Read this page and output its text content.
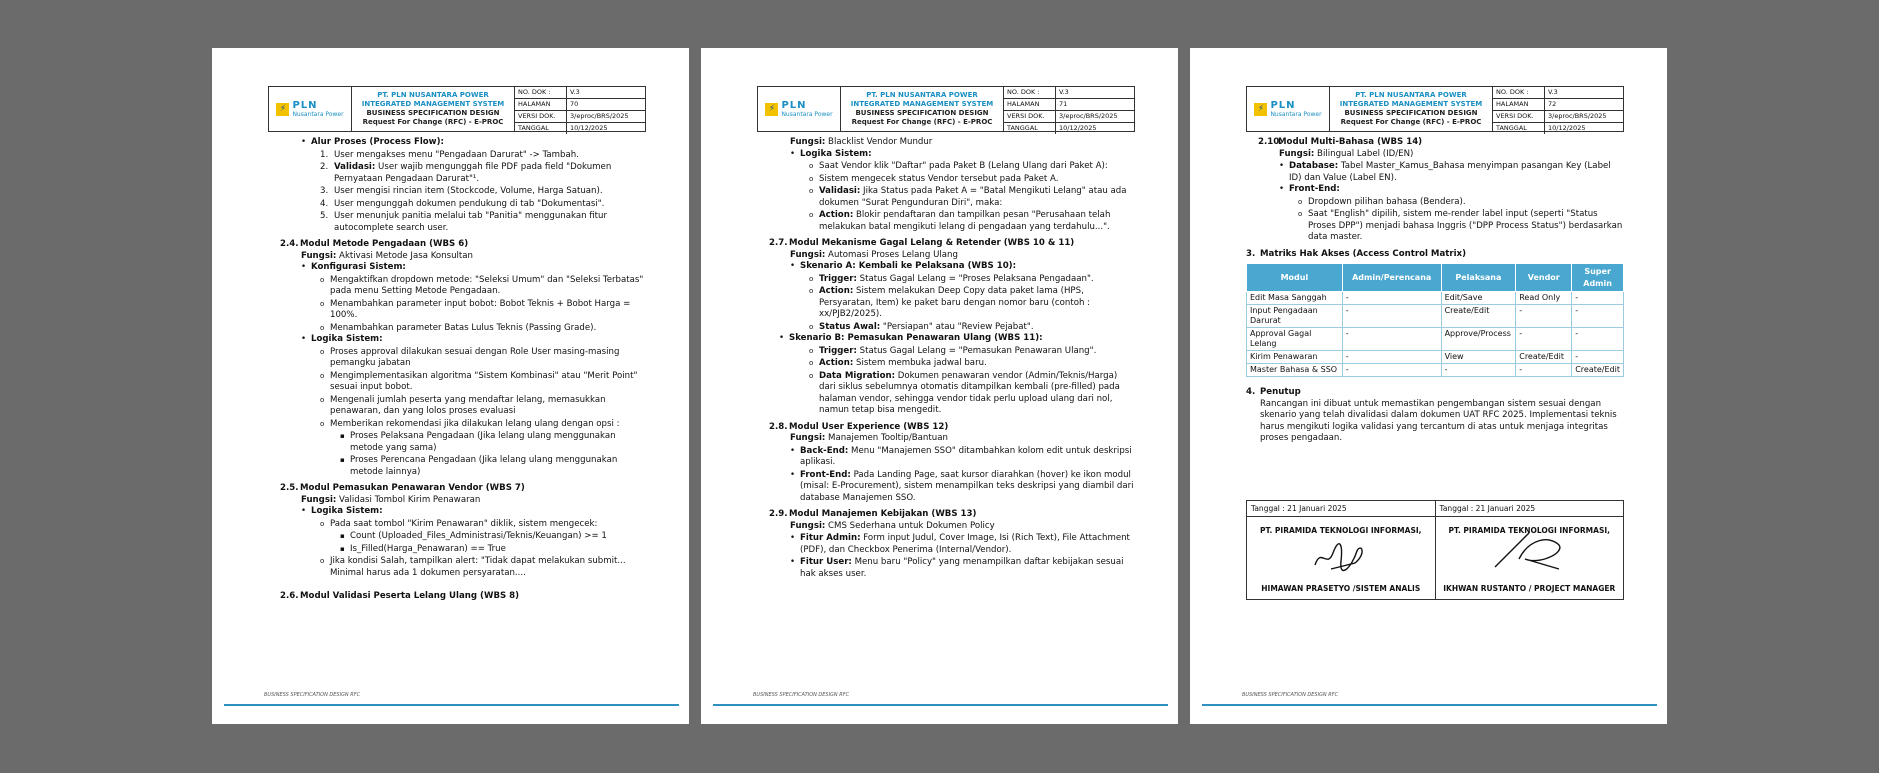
⚡ PLN
Nusantara Power
PT. PLN NUSANTARA POWER
INTEGRATED MANAGEMENT SYSTEM
BUSINESS SPECIFICATION DESIGN
Request For Change (RFC) - E-PROC
NO. DOK :	V.3
HALAMAN	70
VERSI DOK.	3/eproc/BRS/2025
TANGGAL	10/12/2025
• Alur Proses (Process Flow):
1. User mengakses menu "Pengadaan Darurat" -> Tambah.
2. Validasi: User wajib mengunggah file PDF pada field "Dokumen Pernyataan Pengadaan Darurat"¹.
3. User mengisi rincian item (Stockcode, Volume, Harga Satuan).
4. User mengunggah dokumen pendukung di tab "Dokumentasi".
5. User menunjuk panitia melalui tab "Panitia" menggunakan fitur autocomplete search user.
2.4. Modul Metode Pengadaan (WBS 6)
Fungsi: Aktivasi Metode Jasa Konsultan
• Konfigurasi Sistem:
o Mengaktifkan dropdown metode: "Seleksi Umum" dan "Seleksi Terbatas" pada menu Setting Metode Pengadaan.
o Menambahkan parameter input bobot: Bobot Teknis + Bobot Harga = 100%.
o Menambahkan parameter Batas Lulus Teknis (Passing Grade).
• Logika Sistem:
o Proses approval dilakukan sesuai dengan Role User masing-masing pemangku jabatan
o Mengimplementasikan algoritma "Sistem Kombinasi" atau "Merit Point" sesuai input bobot.
o Mengenali jumlah peserta yang mendaftar lelang, memasukkan penawaran, dan yang lolos proses evaluasi
o Memberikan rekomendasi jika dilakukan lelang ulang dengan opsi :
▪ Proses Pelaksana Pengadaan (Jika lelang ulang menggunakan metode yang sama)
▪ Proses Perencana Pengadaan (Jika lelang ulang menggunakan metode lainnya)
2.5. Modul Pemasukan Penawaran Vendor (WBS 7)
Fungsi: Validasi Tombol Kirim Penawaran
• Logika Sistem:
o Pada saat tombol "Kirim Penawaran" diklik, sistem mengecek:
▪ Count (Uploaded_Files_Administrasi/Teknis/Keuangan) >= 1
▪ Is_Filled(Harga_Penawaran) == True
o Jika kondisi Salah, tampilkan alert: "Tidak dapat melakukan submit... Minimal harus ada 1 dokumen persyaratan....
2.6. Modul Validasi Peserta Lelang Ulang (WBS 8)
BUSINESS SPECIFICATION DESIGN RFC
⚡ PLN
Nusantara Power
PT. PLN NUSANTARA POWER
INTEGRATED MANAGEMENT SYSTEM
BUSINESS SPECIFICATION DESIGN
Request For Change (RFC) - E-PROC
NO. DOK :	V.3
HALAMAN	71
VERSI DOK.	3/eproc/BRS/2025
TANGGAL	10/12/2025
Fungsi: Blacklist Vendor Mundur
• Logika Sistem:
o Saat Vendor klik "Daftar" pada Paket B (Lelang Ulang dari Paket A):
o Sistem mengecek status Vendor tersebut pada Paket A.
o Validasi: Jika Status pada Paket A = "Batal Mengikuti Lelang" atau ada dokumen "Surat Pengunduran Diri", maka:
o Action: Blokir pendaftaran dan tampilkan pesan "Perusahaan telah melakukan batal mengikuti lelang di pengadaan yang terdahulu...".
2.7. Modul Mekanisme Gagal Lelang & Retender (WBS 10 & 11)
Fungsi: Automasi Proses Lelang Ulang
• Skenario A: Kembali ke Pelaksana (WBS 10):
o Trigger: Status Gagal Lelang = "Proses Pelaksana Pengadaan".
o Action: Sistem melakukan Deep Copy data paket lama (HPS, Persyaratan, Item) ke paket baru dengan nomor baru (contoh : xx/PJB2/2025).
o Status Awal: "Persiapan" atau "Review Pejabat".
• Skenario B: Pemasukan Penawaran Ulang (WBS 11):
o Trigger: Status Gagal Lelang = "Pemasukan Penawaran Ulang".
o Action: Sistem membuka jadwal baru.
o Data Migration: Dokumen penawaran vendor (Admin/Teknis/Harga) dari siklus sebelumnya otomatis ditampilkan kembali (pre-filled) pada halaman vendor, sehingga vendor tidak perlu upload ulang dari nol, namun tetap bisa mengedit.
2.8. Modul User Experience (WBS 12)
Fungsi: Manajemen Tooltip/Bantuan
• Back-End: Menu "Manajemen SSO" ditambahkan kolom edit untuk deskripsi aplikasi.
• Front-End: Pada Landing Page, saat kursor diarahkan (hover) ke ikon modul (misal: E-Procurement), sistem menampilkan teks deskripsi yang diambil dari database Manajemen SSO.
2.9. Modul Manajemen Kebijakan (WBS 13)
Fungsi: CMS Sederhana untuk Dokumen Policy
• Fitur Admin: Form input Judul, Cover Image, Isi (Rich Text), File Attachment (PDF), dan Checkbox Penerima (Internal/Vendor).
• Fitur User: Menu baru "Policy" yang menampilkan daftar kebijakan sesuai hak akses user.
BUSINESS SPECIFICATION DESIGN RFC
⚡ PLN
Nusantara Power
PT. PLN NUSANTARA POWER
INTEGRATED MANAGEMENT SYSTEM
BUSINESS SPECIFICATION DESIGN
Request For Change (RFC) - E-PROC
NO. DOK :	V.3
HALAMAN	72
VERSI DOK.	3/eproc/BRS/2025
TANGGAL	10/12/2025
2.10.Modul Multi-Bahasa (WBS 14)
Fungsi: Bilingual Label (ID/EN)
• Database: Tabel Master_Kamus_Bahasa menyimpan pasangan Key (Label ID) dan Value (Label EN).
• Front-End:
o Dropdown pilihan bahasa (Bendera).
o Saat "English" dipilih, sistem me-render label input (seperti "Status Proses DPP") menjadi bahasa Inggris ("DPP Process Status") berdasarkan data master.
3. Matriks Hak Akses (Access Control Matrix)
Modul	Admin/Perencana	Pelaksana	Vendor	Super Admin
Edit Masa Sanggah	-	Edit/Save	Read Only	-
Input Pengadaan Darurat	-	Create/Edit	-	-
Approval Gagal Lelang	-	Approve/Process	-	-
Kirim Penawaran	-	View	Create/Edit	-
Master Bahasa & SSO	-	-	-	Create/Edit
4. Penutup
Rancangan ini dibuat untuk memastikan pengembangan sistem sesuai dengan skenario yang telah divalidasi dalam dokumen UAT RFC 2025. Implementasi teknis harus mengikuti logika validasi yang tercantum di atas untuk menjaga integritas proses pengadaan.
Tanggal : 21 Januari 2025
PT. PIRAMIDA TEKNOLOGI INFORMASI,
HIMAWAN PRASETYO /SISTEM ANALIS
Tanggal : 21 Januari 2025
PT. PIRAMIDA TEKNOLOGI INFORMASI,
IKHWAN RUSTANTO / PROJECT MANAGER
BUSINESS SPECIFICATION DESIGN RFC
